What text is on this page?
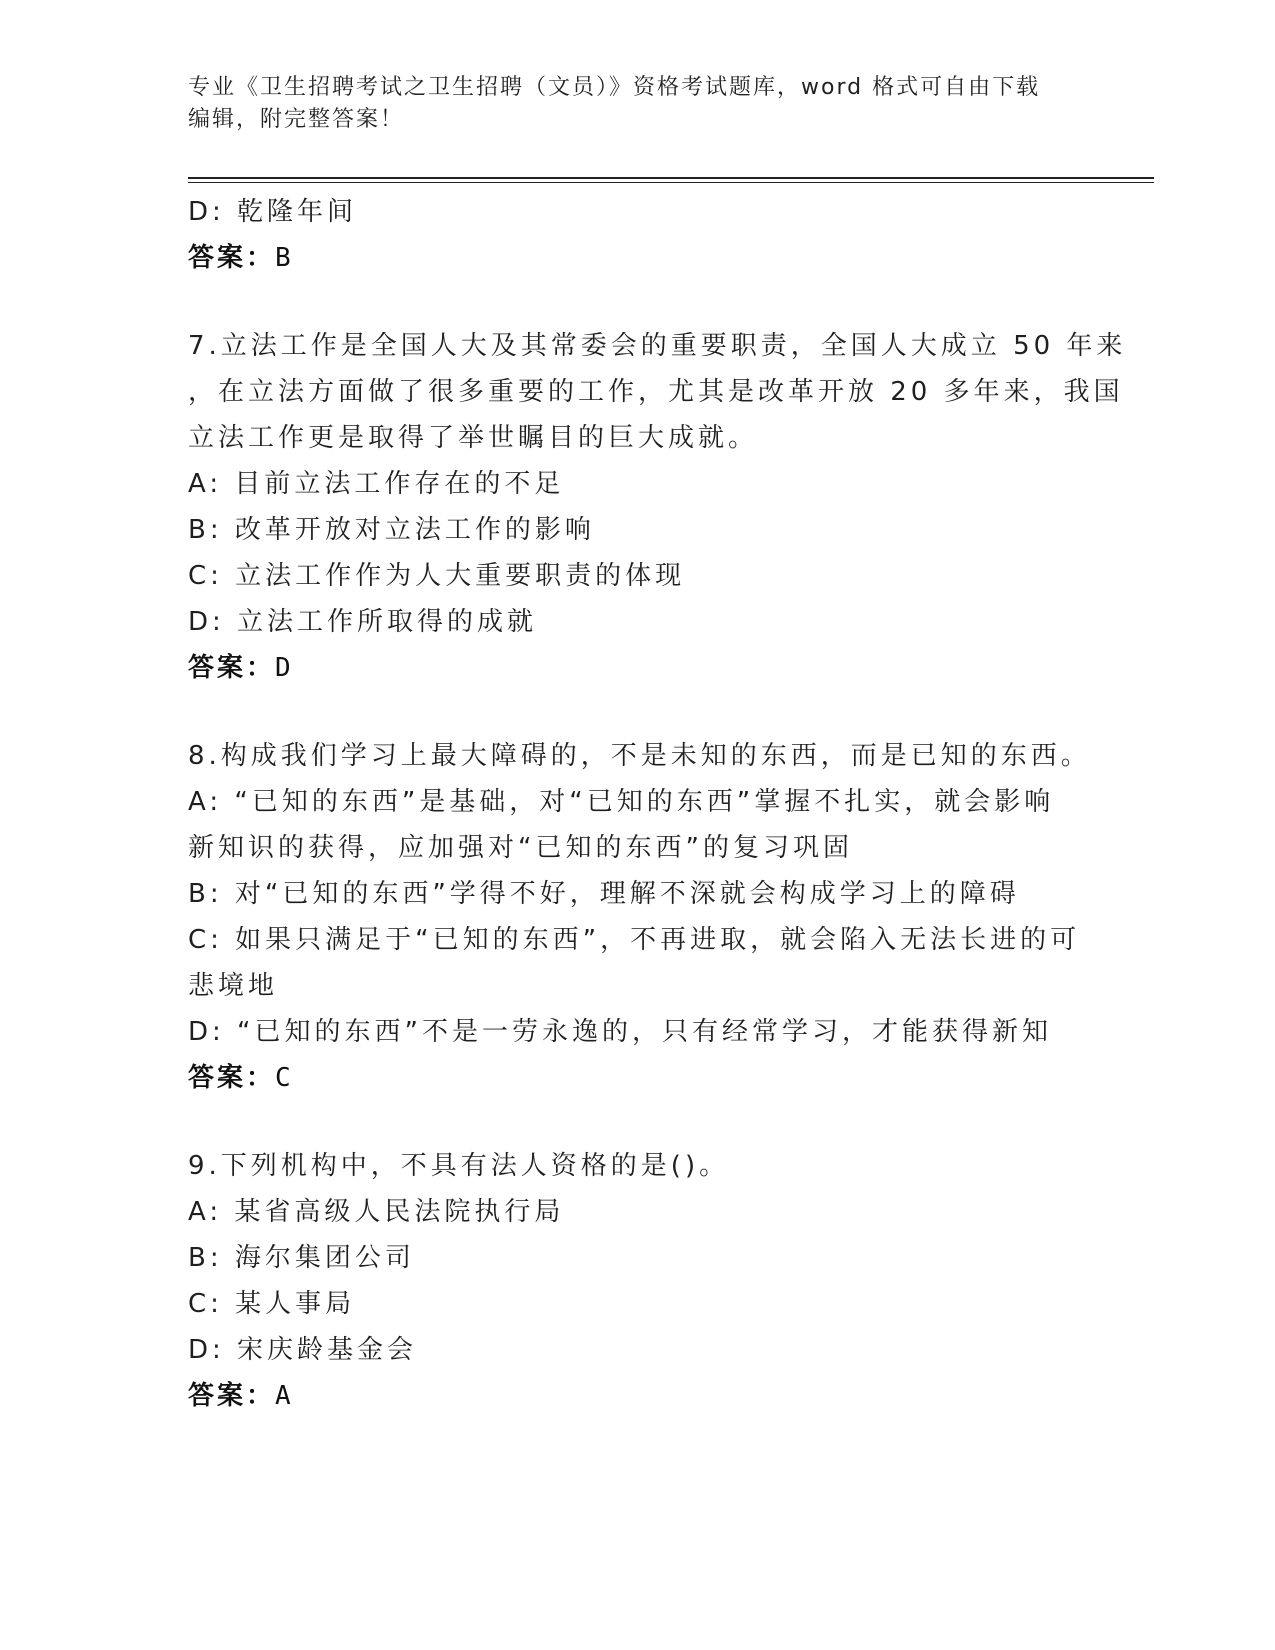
专业《卫生招聘考试之卫生招聘（文员）》资格考试题库，word 格式可自由下载
编辑，附完整答案！
D: 乾隆年间
答案：B
7.立法工作是全国人大及其常委会的重要职责，全国人大成立 50 年来
，在立法方面做了很多重要的工作，尤其是改革开放 20 多年来，我国
立法工作更是取得了举世瞩目的巨大成就。
A: 目前立法工作存在的不足
B: 改革开放对立法工作的影响
C: 立法工作作为人大重要职责的体现
D: 立法工作所取得的成就
答案：D
8.构成我们学习上最大障碍的，不是未知的东西，而是已知的东西。
A: “已知的东西”是基础，对“已知的东西”掌握不扎实，就会影响
新知识的获得，应加强对“已知的东西”的复习巩固
B: 对“已知的东西”学得不好，理解不深就会构成学习上的障碍
C: 如果只满足于“已知的东西”，不再进取，就会陷入无法长进的可
悲境地
D: “已知的东西”不是一劳永逸的，只有经常学习，才能获得新知
答案：C
9.下列机构中，不具有法人资格的是()。
A: 某省高级人民法院执行局
B: 海尔集团公司
C: 某人事局
D: 宋庆龄基金会
答案：A
